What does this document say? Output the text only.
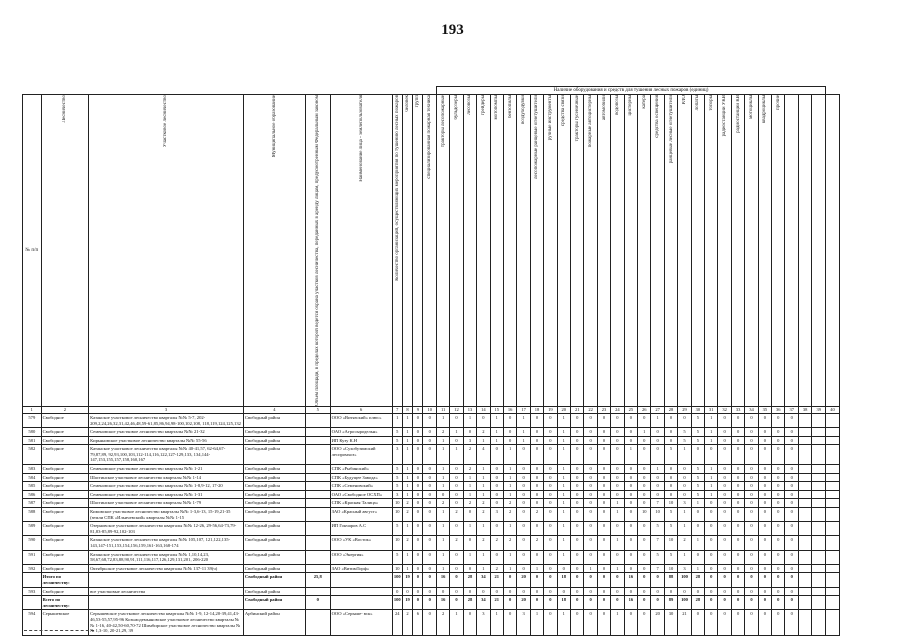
193
										Наличие оборудования и средств для тушения лесных пожаров (единиц)																													
№ п/п	Лесничество	Участковое лесничество	Муниципальное образование	Объем площади, в пределах которой ведется охрана участков лесничества, переданных в аренду лицам, предусмотренным Федеральным законом	Наименование лица - землепользователя	Количество организаций, осуществляющих мероприятия по тушению лесных пожаров	человек	групп	специализированная пожарная техника	тракторы лесопожарные	бульдозеры	лесовозы	грейдеры	мотопомпы	бензопилы	воздуходувки	лесопожарные ранцевые огнетушители	ручные инструменты	средства связи	тракторы гусеничные	пожарные автоцистерны	автомобили	водовозы	цистерны	катера	средства освещения	ранцевые лесные огнетушители	РЛО	лопаты	топоры	радиостанции УКВ	радиостанции КВ	мотоциклы	квадроциклы	прочие				

1	2	3	4	5	6	7	8	9	10	11	12	13	14	15	16	17	18	19	20	21	22	23	24	25	26	27	28	29	30	31	32	33	34	35	36	37	38	39	40
579	Свободное	Казанское участковое лесничество кварталы №№ 5-7, 202-209,2,24,26,32,31,42,46,48,59-61,85,86,94,98-100,102,108, 118,119,124,125,132	Свободный район		ООО «Витязский» плюс»	1	1	0	0	1	0	1	0	1	0	1	0	0	1	0	0	0	0	0	0	1	0	0	5	1	0	0	0	0	0	0			
580	Свободное	Семеновское участковое лесничество кварталы №№ 21-32	Свободный район		ОАО «Агросыродельн»	5	1	0	0	2	1	0	2	1	0	1	0	0	1	0	0	0	0	0	1	0	0	5	5	1	0	0	0	0	0	0			
581	Свободное	Кирьяновское участковое лесничество кварталы №№ 55-56	Свободный район		ИП Кузу К.Н	5	1	0	0	1	0	3	1	1	0	1	0	0	1	0	0	0	0	0	0	0	0	5	5	1	0	0	0	0	0	0			
582	Свободное	Катанское участковое лесничество кварталы №№ 40-41,57, 62-64,67-79,87,89, 92,93,100,103,112-114,116,122,127-129,133, 134,144-147,153,155,157,158,160,167	Свободный район		ООО «Сухобузимский леспромхоз»	3	1	0	0	1	1	2	4	0	1	0	0	0	1	0	0	0	0	1	0	0	5	1	0	0	0	0	0	0	0	0			
583	Свободное	Семеновское участковое лесничество кварталы №№ 1-21	Свободный район		СПК «Рыбинский»	5	1	0	0	1	0	2	1	0	1	0	0	0	1	0	0	0	0	0	0	1	0	0	5	1	0	0	0	0	0	0			
584	Свободное	Шастинское участковое лесничество кварталы №№ 1-14	Свободный район		СПК «Будущее Завода»	5	1	0	0	1	0	1	1	0	1	0	0	0	1	0	0	0	0	0	0	0	0	0	5	1	0	0	0	0	0	0			
585	Свободное	Семеновское участковое лесничество кварталы №№ 1-8,9-12, 17-20	Свободный район		СПК «Семеновский»	5	1	0	0	1	0	1	1	0	1	0	0	0	1	0	0	0	0	0	0	0	0	0	5	1	0	0	0	0	0	0			
586	Свободное	Семеновское участковое лесничество кварталы №№ 1-31	Свободный район		ОАО «Свободное ОСХП»	3	1	0	0	0	0	1	1	0	1	0	0	0	1	0	0	0	0	0	0	0	0	0	5	1	0	0	0	0	0	0			
587	Свободное	Шастинское участковое лесничество кварталы №№ 1-79	Свободный район		СПК «Красная Талица»	10	2	0	0	2	0	2	2	0	2	0	0	0	1	0	0	0	1	0	0	7	10	3	1	0	0	0	0	0	0	0			
588	Свободное	Кимовское участковое лесничество кварталы №№ 1-3,6-13, 15-19,21-35 (земли СПК «Ильичевский» кварталы №№ 1-15	Свободный район		ЗАО «Красный август»	10	2	0	0	1	2	0	2	3	2	0	2	0	1	0	0	0	1	0	10	10	5	1	0	0	0	0	0	0	0	0			
589	Свободное	Озерновское участковое лесничество кварталы №№ 12-26, 29-56,64-73,79-81,83-85,89-92,102-103	Свободный район		ИП Гончаров А.С	5	1	0	0	1	0	1	1	0	1	0	0	0	1	0	0	0	0	0	0	5	5	1	0	0	0	0	0	0	0	0			
590	Свободное	Казанское участковое лесничество кварталы №№ 105,107, 121,122,135-143,147-151,153,154,156,159,161-163,168-174	Свободный район		ООО «УК «Восток»	10	2	0	0	1	2	0	2	2	2	0	2	0	1	0	0	0	1	0	0	7	10	2	1	0	0	0	0	0	0	0			
591	Свободное	Казанское участковое лесничество кварталы №№ 1,10,14,23, 58,67,68,72,83,88,90,91,111,116,117,126,129,131,201, 206-220	Свободный район		ООО «Энергия»	5	1	0	0	1	0	1	1	0	1	0	0	0	1	0	0	0	0	0	0	5	5	1	0	0	0	0	0	0	0	0			
592	Свободное	Октябрьское участковое лесничество кварталы №№ 137-11 39(ч)	Свободный район		ЗАО «ВитимТорф»	10	1	0	0	1	0	0	1	2	1	0	1	0	0	0	1	0	1	0	0	7	10	3	1	0	0	0	0	0	0	0			
	Итого по лесничеству:		Свободный район	25,8		100	19	0	0	16	0	28	34	21	0	20	0	0	18	0	0	0	0	16	0	0	88	100	28	0	0	0	0	0	0	0			
593	Свободное	все участковые лесничества	Свободный район			0	0	0	0	0	0	0	0	0	0	0	0	0	0	0	0	0	0	0	0	0	0	0	0	0	0	0	0	0	0	0			
	Всего по лесничеству:		Свободный район	0		100	19	0	0	16	0	28	34	21	0	20	0	0	18	0	0	0	0	16	0	0	89	100	28	0	0	0	0	0	0	0			
594	Серышевское	Серышевское участковое лесничество кварталы №№ 1-9, 12-14,20-39,41,43-46,53-55,57,95-96 Козьмодемьяновское участковое лесничество кварталы №№ 1-16, 40-42,50-60,70-72 Шимбирское участковое лесничество кварталы №№ 1,3-10, 20-21,29, 39	Арбинский район		ООО «Серыше- вск»	24	2	6	0	2	1	0	3	1	0	3	1	0	1	0	0	0	1	0	0	20	30	21	0	0	0	0	0	0	0	0			
